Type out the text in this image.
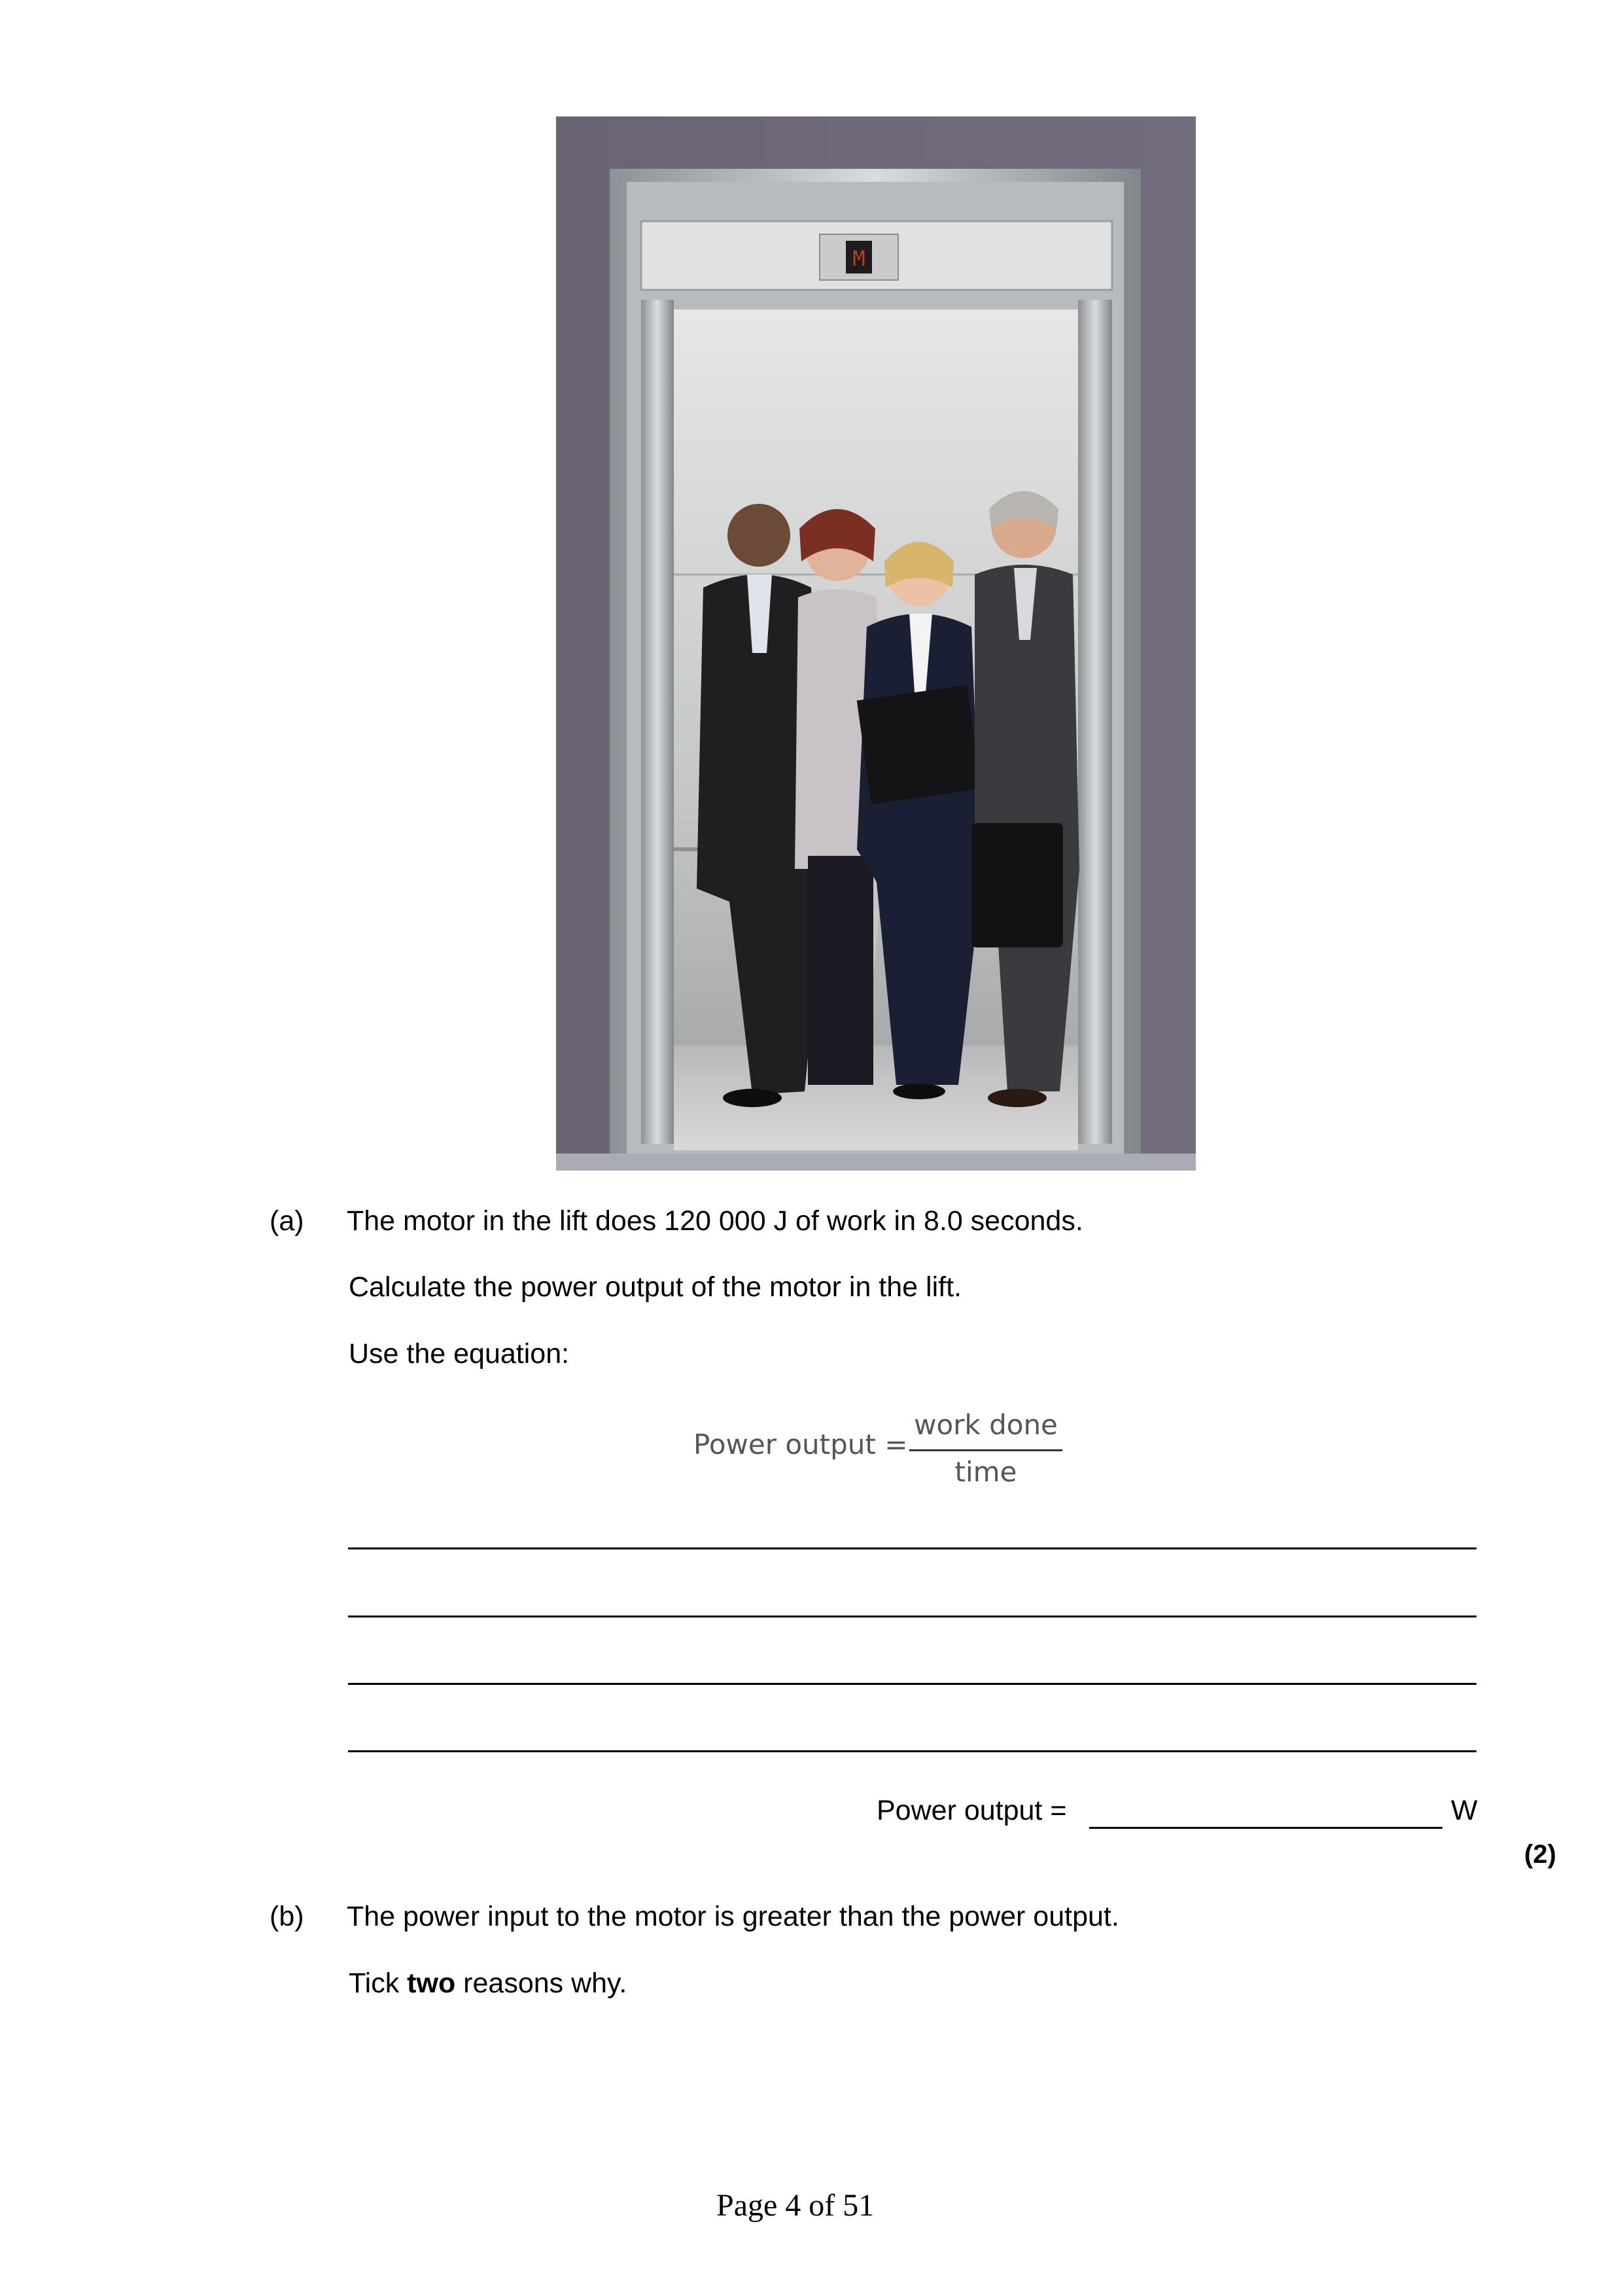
M
(a) The motor in the lift does 120 000 J of work in 8.0 seconds.
Calculate the power output of the motor in the lift.
Use the equation:
Power output =
work done
time
Power output =	W
(2)
(b) The power input to the motor is greater than the power output.
Tick two reasons why.
Page 4 of 51
